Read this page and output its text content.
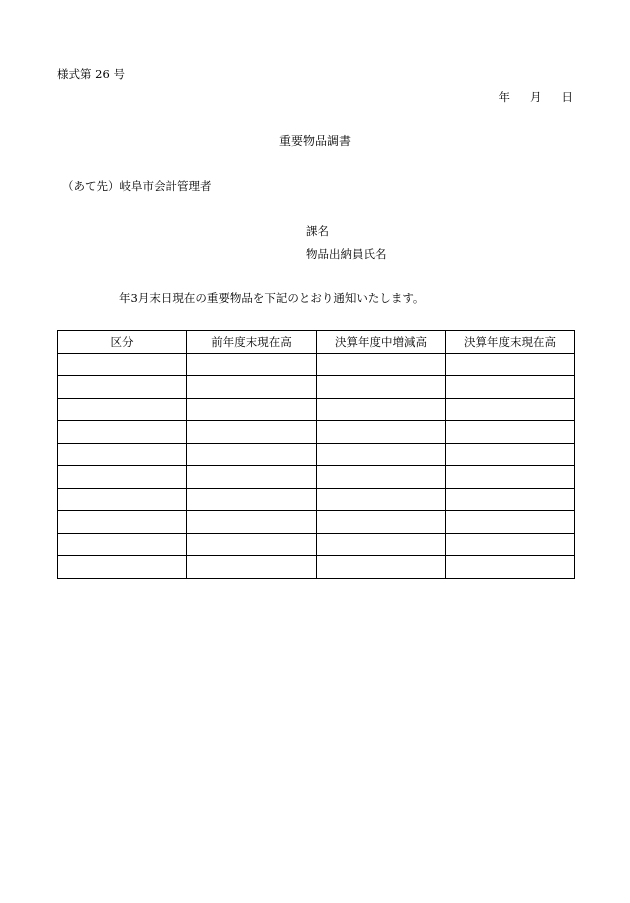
様式第 26 号
年 月 日
重要物品調書
（あて先）岐阜市会計管理者
課名
物品出納員氏名
年3月末日現在の重要物品を下記のとおり通知いたします。
区分	前年度末現在高	決算年度中増減高	決算年度末現在高
